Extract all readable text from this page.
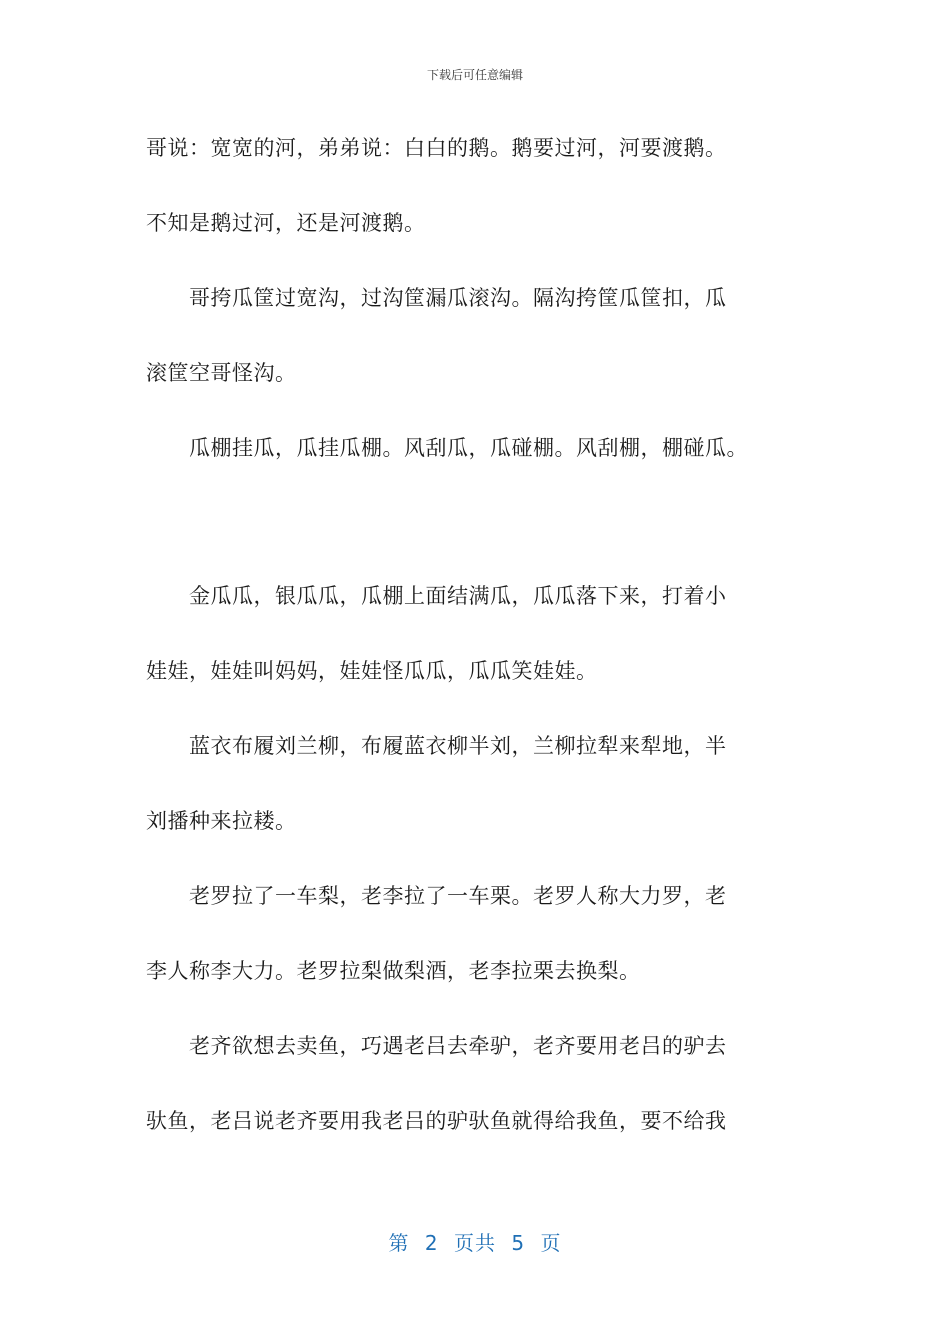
下载后可任意编辑
哥说：宽宽的河，弟弟说：白白的鹅。鹅要过河，河要渡鹅。
不知是鹅过河，还是河渡鹅。
　　哥挎瓜筐过宽沟，过沟筐漏瓜滚沟。隔沟挎筐瓜筐扣，瓜
滚筐空哥怪沟。
　　瓜棚挂瓜，瓜挂瓜棚。风刮瓜，瓜碰棚。风刮棚，棚碰瓜。
　　金瓜瓜，银瓜瓜，瓜棚上面结满瓜，瓜瓜落下来，打着小
娃娃，娃娃叫妈妈，娃娃怪瓜瓜，瓜瓜笑娃娃。
　　蓝衣布履刘兰柳，布履蓝衣柳半刘，兰柳拉犁来犁地，半
刘播种来拉耧。
　　老罗拉了一车梨，老李拉了一车栗。老罗人称大力罗，老
李人称李大力。老罗拉梨做梨酒，老李拉栗去换梨。
　　老齐欲想去卖鱼，巧遇老吕去牵驴，老齐要用老吕的驴去
驮鱼，老吕说老齐要用我老吕的驴驮鱼就得给我鱼，要不给我
第 2 页共 5 页
